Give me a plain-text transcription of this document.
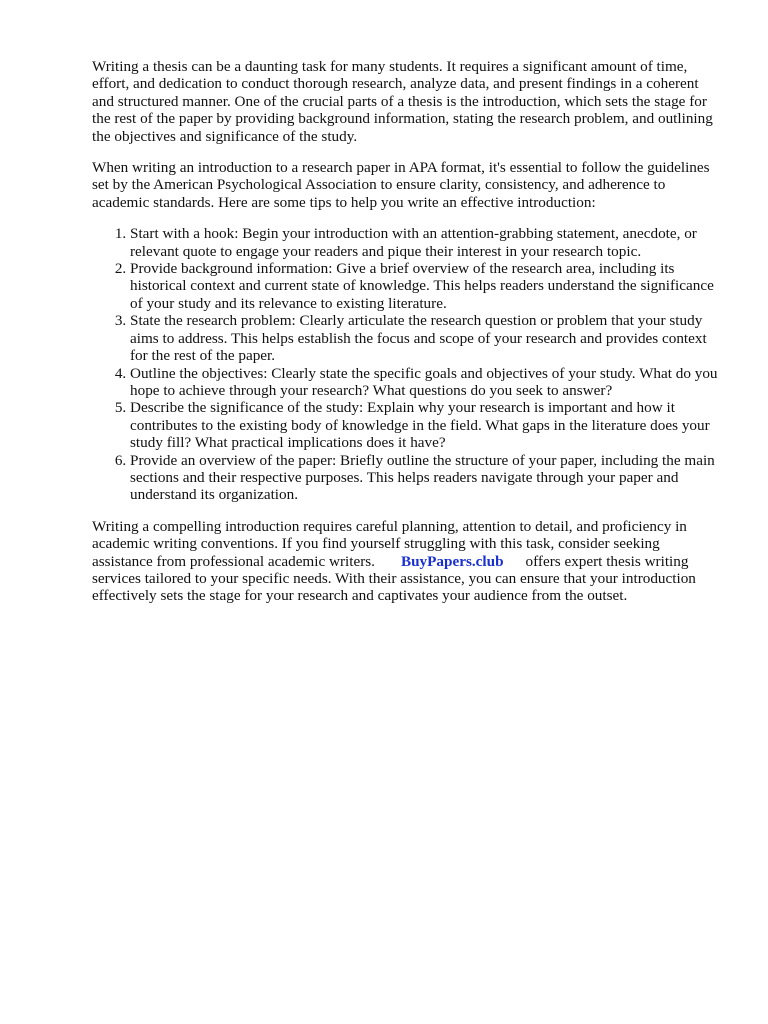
Writing a thesis can be a daunting task for many students. It requires a significant amount of time, effort, and dedication to conduct thorough research, analyze data, and present findings in a coherent and structured manner. One of the crucial parts of a thesis is the introduction, which sets the stage for the rest of the paper by providing background information, stating the research problem, and outlining the objectives and significance of the study.

When writing an introduction to a research paper in APA format, it's essential to follow the guidelines set by the American Psychological Association to ensure clarity, consistency, and adherence to academic standards. Here are some tips to help you write an effective introduction:

1. Start with a hook: Begin your introduction with an attention-grabbing statement, anecdote, or relevant quote to engage your readers and pique their interest in your research topic.
2. Provide background information: Give a brief overview of the research area, including its historical context and current state of knowledge. This helps readers understand the significance of your study and its relevance to existing literature.
3. State the research problem: Clearly articulate the research question or problem that your study aims to address. This helps establish the focus and scope of your research and provides context for the rest of the paper.
4. Outline the objectives: Clearly state the specific goals and objectives of your study. What do you hope to achieve through your research? What questions do you seek to answer?
5. Describe the significance of the study: Explain why your research is important and how it contributes to the existing body of knowledge in the field. What gaps in the literature does your study fill? What practical implications does it have?
6. Provide an overview of the paper: Briefly outline the structure of your paper, including the main sections and their respective purposes. This helps readers navigate through your paper and understand its organization.

Writing a compelling introduction requires careful planning, attention to detail, and proficiency in academic writing conventions. If you find yourself struggling with this task, consider seeking assistance from professional academic writers. BuyPapers.club offers expert thesis writing services tailored to your specific needs. With their assistance, you can ensure that your introduction effectively sets the stage for your research and captivates your audience from the outset.
